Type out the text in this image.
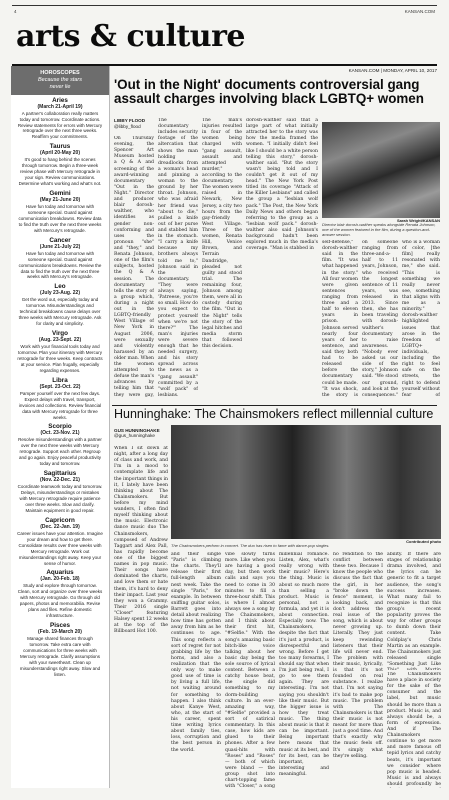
4	KANSAN.COM
arts & culture
HOROSCOPES
Because the stars
never lie
Aries
(March 21-April 19)
A partner's collaboration really matters today and tomorrow. Coordinate actions. Review statements for errors with Mercury retrograde over the next three weeks. Reaffirm your commitments.
Taurus
(April 20-May 20)
It's good to hang behind the scenes through tomorrow. Begin a three-week review phase with Mercury retrograde in your sign. Review communications. Determine what's working and what's not.
Gemini
(May 21-June 20)
Have fun today and tomorrow with someone special. Guard against communication breakdowns. Review data to find the truth over the next three weeks with Mercury's retrograde.
Cancer
(June 21-July 22)
Have fun today and tomorrow with someone special. Guard against communications breakdowns. Review the data to find the truth over the next three weeks with Mercury's retrograde.
Leo
(July 23-Aug. 22)
Get the word out, especially today and tomorrow. Misunderstandings and technical breakdowns cause delays over three weeks with Mercury retrograde. Ask for clarity and simplicity.
Virgo
(Aug. 23-Sept. 22)
Work with your financial tools today and tomorrow. Plan your itinerary with Mercury retrograde for three weeks. Keep contracts at your service. Plan frugally, especially regarding expenses.
Libra
(Sept. 23-Oct. 22)
Pamper yourself over the next few days. Expect delays with travel, transport, invoices and collections. Review financial data with Mercury retrograde for three weeks.
Scorpio
(Oct. 23-Nov. 21)
Resolve misunderstandings with a partner over the next three weeks with Mercury retrograde. Support each other. Regroup and go again. Enjoy peaceful productivity today and tomorrow.
Sagittarius
(Nov. 22-Dec. 21)
Coordinate teamwork today and tomorrow. Delays, misunderstandings or mistakes with Mercury retrograde require patience over three weeks. Slow and clarify. Maintain equipment in good repair.
Capricorn
(Dec. 22-Jan. 19)
Career issues have your attention. Imagine your dream and how to get there. Consolidate results over three weeks with Mercury retrograde. Work out misunderstandings right away. Keep your sense of humor.
Aquarius
(Jan. 20-Feb. 18)
Study and explore through tomorrow. Clean, sort and organize over three weeks with Mercury retrograde. Go through old papers, photos and memorabilia. Revise plans and files. Refine domestic infrastructure.
Pisces
(Feb. 19-March 20)
Manage shared finances through tomorrow. Take extra care with communications for three weeks with Mercury retrograde. Clarify assumptions with your sweetheart. Clean up misunderstandings right away. Slow and listen.
KANSAN.COM | MONDAY, APRIL 10, 2017
'Out in the Night' documents controversial gang assault charges involving black LGBTQ+ women
LIBBY FLOOD
@libby_flood
On Thursday evening, the Spencer Art Museum hosted a Q & A and screening of the award-winning documentary "Out in the Night." Director and producer blair dorosh-walther, who identifies as gender non-conforming and uses the pronoun "she" and "they," and Renata Johnson, one of the film's subjects, hosted the Q & A session. The documentary tells the story of a group which, during a night out in the LGBTQ-friendly West Village of New York in August 2006, were sexually and violently harassed by an older man. When the women attempted to defuse the man's advances by telling him that they were gay,
The documentary includes security footage of the altercation that shows the man holding dreadlocks from a woman's head and pinning a woman to the ground by her throat. Johnson, who was afraid her friend was "about to die," pulled a knife out of her purse and stabbed him in the stomach. "I carry a knife because my brothers always told me to," Johnson said in the documentary. "They were always saying, 'Patreese, you're so small. How do you expect to protect yourself when we're not there?'" The man's injuries were severe enough that he needed surgery, and his story spread across the news as a "gang assault" committed by a "wolf pack" of lesbians.
The man's injuries resulted in four of the women being charged with "gang assault, assault and attempted murder," according to the documentary. The women were raised in Newark, New Jersey, a city two hours from the gay-friendly West Village. Three of the women, Renata Hill, Venice Brown, and Terrain Dandridge, pleaded not guilty and stood trial. The remaining four, Johnson among them, were all in custody during the film. "Out in the Night" tells the story of the legal hitches and media storm that followed this decision.
dorosh-walther said that a large part of what initially attracted her to the story was how the media framed the women. "I initially didn't feel like I should be a white person telling this story," dorosh-walther said. "But the story wasn't being told and I couldn't get it out of my head." The New York Post titled its coverage "Attack of the Killer Lesbians" and called the group a "lesbian wolf pack." The Post, the New York Daily News and others began referring to the group as a "lesbian wolf pack." dorosh-walther also said Johnson's background hadn't been explored much in the media's coverage. "Man is stabbed in
Sarah Wright/KANSAN
Director blair dorosh-walther speaks alongside Renata Johnson, one of the women featured in the film, during a question-and-answer session.
self-defense," dorosh-walther said in the film. "It was what happened in the story." All four women were given sentences ranging from three and a half to eleven years in prison. Johnson served nearly four years of her sentence, and said they both had to be released before the documentary could be made. "It was shock, the story is
on someone ranging from three-and-a-half to 11 years, Johnson, who received the longest sentence of 11 years, was released in 2013. Since then, she has been traveling with dorosh-walther's documentary to raise awareness. "Nobody ever asked us our side of the story," Johnson said. "We stood our ground, and look at the consequences."
who is a woman of color, [the film] really resonated with me," she said. "This is something we really never see, something that aligns with me as a minority." dorosh-walther highlighted issues that arose in the freedom of LGBTQ+ individuals, including the right to feel safe on the streets, the right to defend yourself without fear of
Hunninghake: The Chainsmokers reflect millennial culture
GUS HUNNINGHAKE
@gus_hunninghake
When I sit down at night, after a long day of class and work, and I'm in a mood to contemplate life and the important things in it, I lately have been thinking about The Chainsmokers. But before my mind wanders, I often find myself thinking about the music. Electronic dance music duo The Chainsmokers, composed of Andrew Taggart and Alex Pall, has rapidly become one of the biggest names in pop music. Their songs have dominated the charts, and love them or hate them, it's hard to deny their impact. Last year they won a Grammy. Their 2016 single "Closer" featuring Halsey spent 12 weeks at the top of the Billboard Hot 100.
Contributed photo
The Chainsmokers perform in concert. The duo has risen to fame with dance-pop singles.
and their single "Paris" is climbing the charts. They'll release their first full-length album next week. Take the single "Paris," for example. In between sniffing guitar solos, Barrett goes into detail about realizing how time has gotten away from him as he continues to age. This song reflects a sort of regret for not grabbing life by the horns, and also a realization that the only way to make good use of time is by living a full life, not waiting around for something to happen. I also think about Kanye West, who, at the start of his career, spent time writing lyrics about family ties, loss, corruption and the best person in the world.
vibe slowly turns more. Like when you are having a good day, but then work calls and says you need to come in 30 minutes to fill a three-hour shift. This is where I almost always see a song by The Chainsmokers, and I think about their first hit, "#Selfie." With the song's amazing basic bitch-like voice talking about her basic day being the sole source of lyrical content. Between a catchy house beat, the single did something to my dorm-building culture. In an ever-amazing way, "#Selfie" provided a sort of satirical commentary. In this case, how kids are glued to their phones. After a few quasi-hits with "Roses" and "Roses" — both of which were bland — the group shot into chart-topping fame with "Closer," a song
millennial romance. Listen, Alex, what's really wrong with their music? Here's the thing. Music is about so much more than selling a product. Music is personal, not a formula, and yet it is about connection. Especially now. The Chainsmokers, despite the fact that it's just a product, is disrespectful and wrong. Before I get too many forearms, I should say that when I'm just being real, I go to see them again. They are interesting. I'm not saying you shouldn't like their music. But the bigger issue is how they treat music. The thing about music is that it can be important. Being important here means that music at its best, and for its best, can be important, interesting and meaningful.
no rendition to the conflict between these two. Because I know the people who discuss the fact that the girl, in her "broke down the fence" moment, is looking back, and don't address the real issue of the song, which is about never growing up. Literally. They just keep rewinding listeners that their life will never end. The problem with their music, lyrically, is that it's not founded on real substance. I realize that. I'm not saying it's bad to make pop music. The problem with The Chainsmokers is that their music is not meant for more than just a good time. And that's exactly why the music feels off. It's simply what they're selling.
ability. If there are stages of relationship drama involved, and the lyrics can be generic to fit a target audience, the song's success increases. What many fail to recognize is that this group's recent popularity proves the way for other groups to dumb down their content. Take Coldplay's Chris Martin as an example. The Chainsmokers just released single "Something Just Like
The Chainsmokers have a place in society for the sake of the consumer and the label, but music should be more than a product. Music is, and always should be, a form of expression. And if The Chainsmokers continue to get more and more famous off tepid lyrics and catchy beats, it's important we consider where pop music is headed. Music is and always should profoundly be
